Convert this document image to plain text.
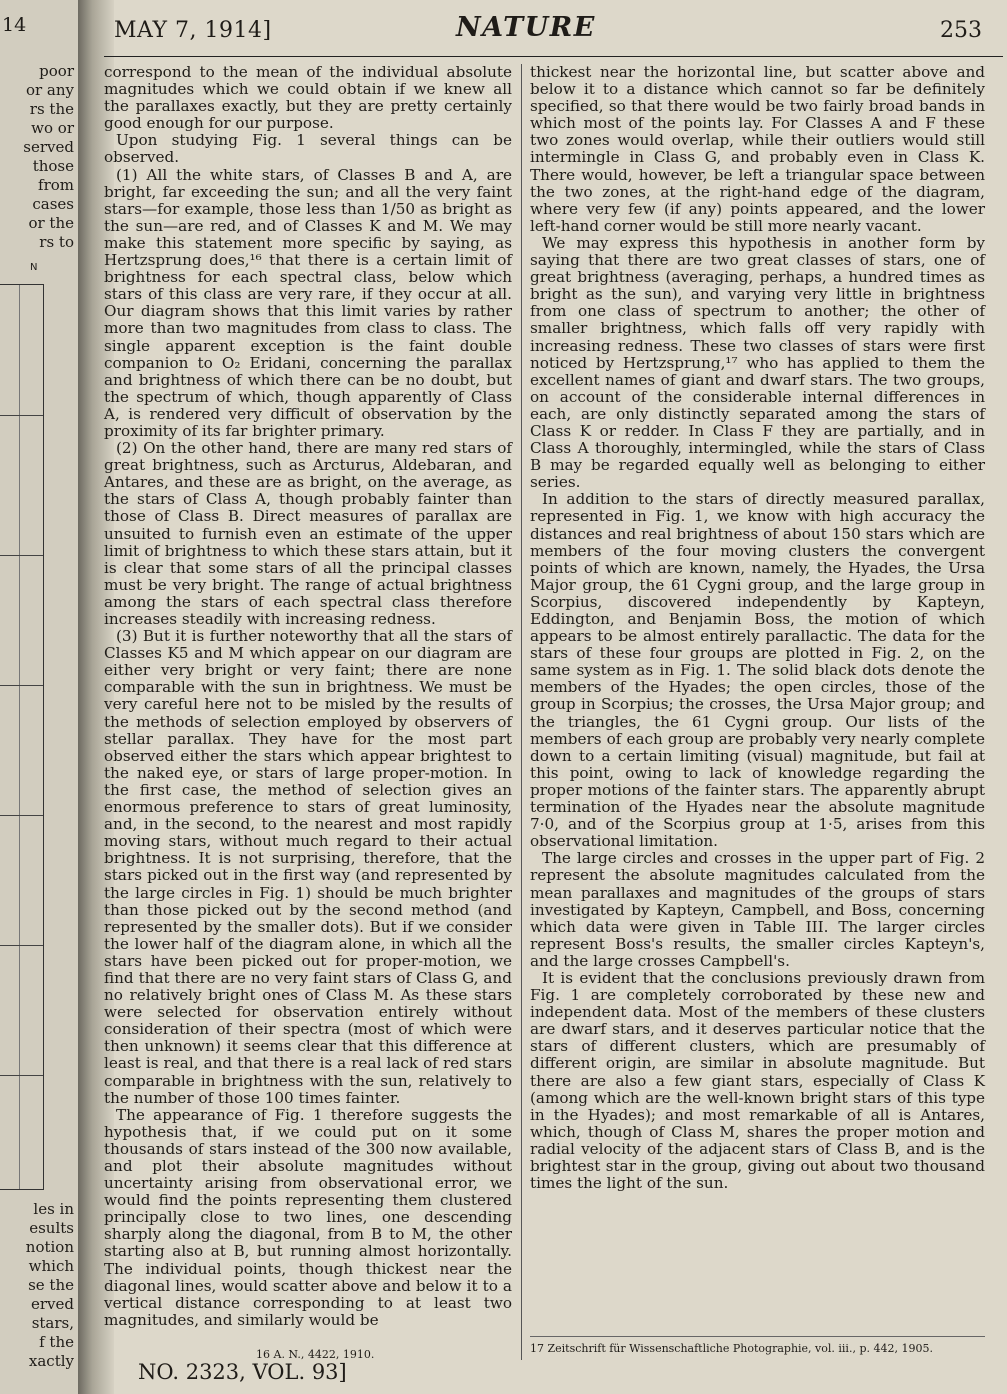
14
N
poor
or any
rs the
wo or
served
those
from
cases
or the
rs to
les in
esults
notion
which
se the
erved
stars,
f the
xactly
MAY 7, 1914]	NATURE	253

correspond to the mean of the individual absolute magnitudes which we could obtain if we knew all the parallaxes exactly, but they are pretty certainly good enough for our purpose.

Upon studying Fig. 1 several things can be observed.

(1) All the white stars, of Classes B and A, are bright, far exceeding the sun; and all the very faint stars—for example, those less than 1/50 as bright as the sun—are red, and of Classes K and M. We may make this statement more specific by saying, as Hertzsprung does,¹⁶ that there is a certain limit of brightness for each spectral class, below which stars of this class are very rare, if they occur at all. Our diagram shows that this limit varies by rather more than two magnitudes from class to class. The single apparent exception is the faint double companion to O₂ Eridani, concerning the parallax and brightness of which there can be no doubt, but the spectrum of which, though apparently of Class A, is rendered very difficult of observation by the proximity of its far brighter primary.

(2) On the other hand, there are many red stars of great brightness, such as Arcturus, Aldebaran, and Antares, and these are as bright, on the average, as the stars of Class A, though probably fainter than those of Class B. Direct measures of parallax are unsuited to furnish even an estimate of the upper limit of brightness to which these stars attain, but it is clear that some stars of all the principal classes must be very bright. The range of actual brightness among the stars of each spectral class therefore increases steadily with increasing redness.

(3) But it is further noteworthy that all the stars of Classes K5 and M which appear on our diagram are either very bright or very faint; there are none comparable with the sun in brightness. We must be very careful here not to be misled by the results of the methods of selection employed by observers of stellar parallax. They have for the most part observed either the stars which appear brightest to the naked eye, or stars of large proper-motion. In the first case, the method of selection gives an enormous preference to stars of great luminosity, and, in the second, to the nearest and most rapidly moving stars, without much regard to their actual brightness. It is not surprising, therefore, that the stars picked out in the first way (and represented by the large circles in Fig. 1) should be much brighter than those picked out by the second method (and represented by the smaller dots). But if we consider the lower half of the diagram alone, in which all the stars have been picked out for proper-motion, we find that there are no very faint stars of Class G, and no relatively bright ones of Class M. As these stars were selected for observation entirely without consideration of their spectra (most of which were then unknown) it seems clear that this difference at least is real, and that there is a real lack of red stars comparable in brightness with the sun, relatively to the number of those 100 times fainter.

The appearance of Fig. 1 therefore suggests the hypothesis that, if we could put on it some thousands of stars instead of the 300 now available, and plot their absolute magnitudes without uncertainty arising from observational error, we would find the points representing them clustered principally close to two lines, one descending sharply along the diagonal, from B to M, the other starting also at B, but running almost horizontally. The individual points, though thickest near the diagonal lines, would scatter above and below it to a vertical distance corresponding to at least two magnitudes, and similarly would be

thickest near the horizontal line, but scatter above and below it to a distance which cannot so far be definitely specified, so that there would be two fairly broad bands in which most of the points lay. For Classes A and F these two zones would overlap, while their outliers would still intermingle in Class G, and probably even in Class K. There would, however, be left a triangular space between the two zones, at the right-hand edge of the diagram, where very few (if any) points appeared, and the lower left-hand corner would be still more nearly vacant.

We may express this hypothesis in another form by saying that there are two great classes of stars, one of great brightness (averaging, perhaps, a hundred times as bright as the sun), and varying very little in brightness from one class of spectrum to another; the other of smaller brightness, which falls off very rapidly with increasing redness. These two classes of stars were first noticed by Hertzsprung,¹⁷ who has applied to them the excellent names of giant and dwarf stars. The two groups, on account of the considerable internal differences in each, are only distinctly separated among the stars of Class K or redder. In Class F they are partially, and in Class A thoroughly, intermingled, while the stars of Class B may be regarded equally well as belonging to either series.

In addition to the stars of directly measured parallax, represented in Fig. 1, we know with high accuracy the distances and real brightness of about 150 stars which are members of the four moving clusters the convergent points of which are known, namely, the Hyades, the Ursa Major group, the 61 Cygni group, and the large group in Scorpius, discovered independently by Kapteyn, Eddington, and Benjamin Boss, the motion of which appears to be almost entirely parallactic. The data for the stars of these four groups are plotted in Fig. 2, on the same system as in Fig. 1. The solid black dots denote the members of the Hyades; the open circles, those of the group in Scorpius; the crosses, the Ursa Major group; and the triangles, the 61 Cygni group. Our lists of the members of each group are probably very nearly complete down to a certain limiting (visual) magnitude, but fail at this point, owing to lack of knowledge regarding the proper motions of the fainter stars. The apparently abrupt termination of the Hyades near the absolute magnitude 7·0, and of the Scorpius group at 1·5, arises from this observational limitation.

The large circles and crosses in the upper part of Fig. 2 represent the absolute magnitudes calculated from the mean parallaxes and magnitudes of the groups of stars investigated by Kapteyn, Campbell, and Boss, concerning which data were given in Table III. The larger circles represent Boss's results, the smaller circles Kapteyn's, and the large crosses Campbell's.

It is evident that the conclusions previously drawn from Fig. 1 are completely corroborated by these new and independent data. Most of the members of these clusters are dwarf stars, and it deserves particular notice that the stars of different clusters, which are presumably of different origin, are similar in absolute magnitude. But there are also a few giant stars, especially of Class K (among which are the well-known bright stars of this type in the Hyades); and most remarkable of all is Antares, which, though of Class M, shares the proper motion and radial velocity of the adjacent stars of Class B, and is the brightest star in the group, giving out about two thousand times the light of the sun.

16 A. N., 4422, 1910.	17 Zeitschrift für Wissenschaftliche Photographie, vol. iii., p. 442, 1905.
NO. 2323, VOL. 93]
